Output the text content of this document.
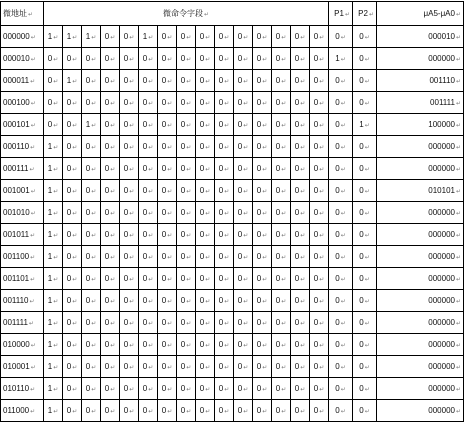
微地址↵	微命令字段↵															P1↵	P2↵	μA5-μA0↵
000000↵	1↵	1↵	1↵	0↵	0↵	1↵	0↵	0↵	0↵	0↵	0↵	0↵	0↵	0↵	0↵	0↵	0↵	000010↵
000010↵	0↵	0↵	0↵	0↵	0↵	0↵	0↵	0↵	0↵	0↵	0↵	0↵	0↵	0↵	0↵	1↵	0↵	000000↵
000011↵	0↵	1↵	0↵	0↵	0↵	0↵	0↵	0↵	0↵	0↵	0↵	0↵	0↵	0↵	0↵	0↵	0↵	001110↵
000100↵	0↵	0↵	0↵	0↵	0↵	0↵	0↵	0↵	0↵	0↵	0↵	0↵	0↵	0↵	0↵	0↵	0↵	001111↵
000101↵	0↵	0↵	1↵	0↵	0↵	0↵	0↵	0↵	0↵	0↵	0↵	0↵	0↵	0↵	0↵	0↵	1↵	100000↵
000110↵	1↵	0↵	0↵	0↵	0↵	0↵	0↵	0↵	0↵	0↵	0↵	0↵	0↵	0↵	0↵	0↵	0↵	000000↵
000111↵	1↵	0↵	0↵	0↵	0↵	0↵	0↵	0↵	0↵	0↵	0↵	0↵	0↵	0↵	0↵	0↵	0↵	000000↵
001001↵	1↵	0↵	0↵	0↵	0↵	0↵	0↵	0↵	0↵	0↵	0↵	0↵	0↵	0↵	0↵	0↵	0↵	010101↵
001010↵	1↵	0↵	0↵	0↵	0↵	0↵	0↵	0↵	0↵	0↵	0↵	0↵	0↵	0↵	0↵	0↵	0↵	000000↵
001011↵	1↵	0↵	0↵	0↵	0↵	0↵	0↵	0↵	0↵	0↵	0↵	0↵	0↵	0↵	0↵	0↵	0↵	000000↵
001100↵	1↵	0↵	0↵	0↵	0↵	0↵	0↵	0↵	0↵	0↵	0↵	0↵	0↵	0↵	0↵	0↵	0↵	000000↵
001101↵	1↵	0↵	0↵	0↵	0↵	0↵	0↵	0↵	0↵	0↵	0↵	0↵	0↵	0↵	0↵	0↵	0↵	000000↵
001110↵	1↵	0↵	0↵	0↵	0↵	0↵	0↵	0↵	0↵	0↵	0↵	0↵	0↵	0↵	0↵	0↵	0↵	000000↵
001111↵	1↵	0↵	0↵	0↵	0↵	0↵	0↵	0↵	0↵	0↵	0↵	0↵	0↵	0↵	0↵	0↵	0↵	000000↵
010000↵	1↵	0↵	0↵	0↵	0↵	0↵	0↵	0↵	0↵	0↵	0↵	0↵	0↵	0↵	0↵	0↵	0↵	000000↵
010001↵	1↵	0↵	0↵	0↵	0↵	0↵	0↵	0↵	0↵	0↵	0↵	0↵	0↵	0↵	0↵	0↵	0↵	000000↵
010110↵	1↵	0↵	0↵	0↵	0↵	0↵	0↵	0↵	0↵	0↵	0↵	0↵	0↵	0↵	0↵	0↵	0↵	000000↵
011000↵	1↵	0↵	0↵	0↵	0↵	0↵	0↵	0↵	0↵	0↵	0↵	0↵	0↵	0↵	0↵	0↵	0↵	000000↵
